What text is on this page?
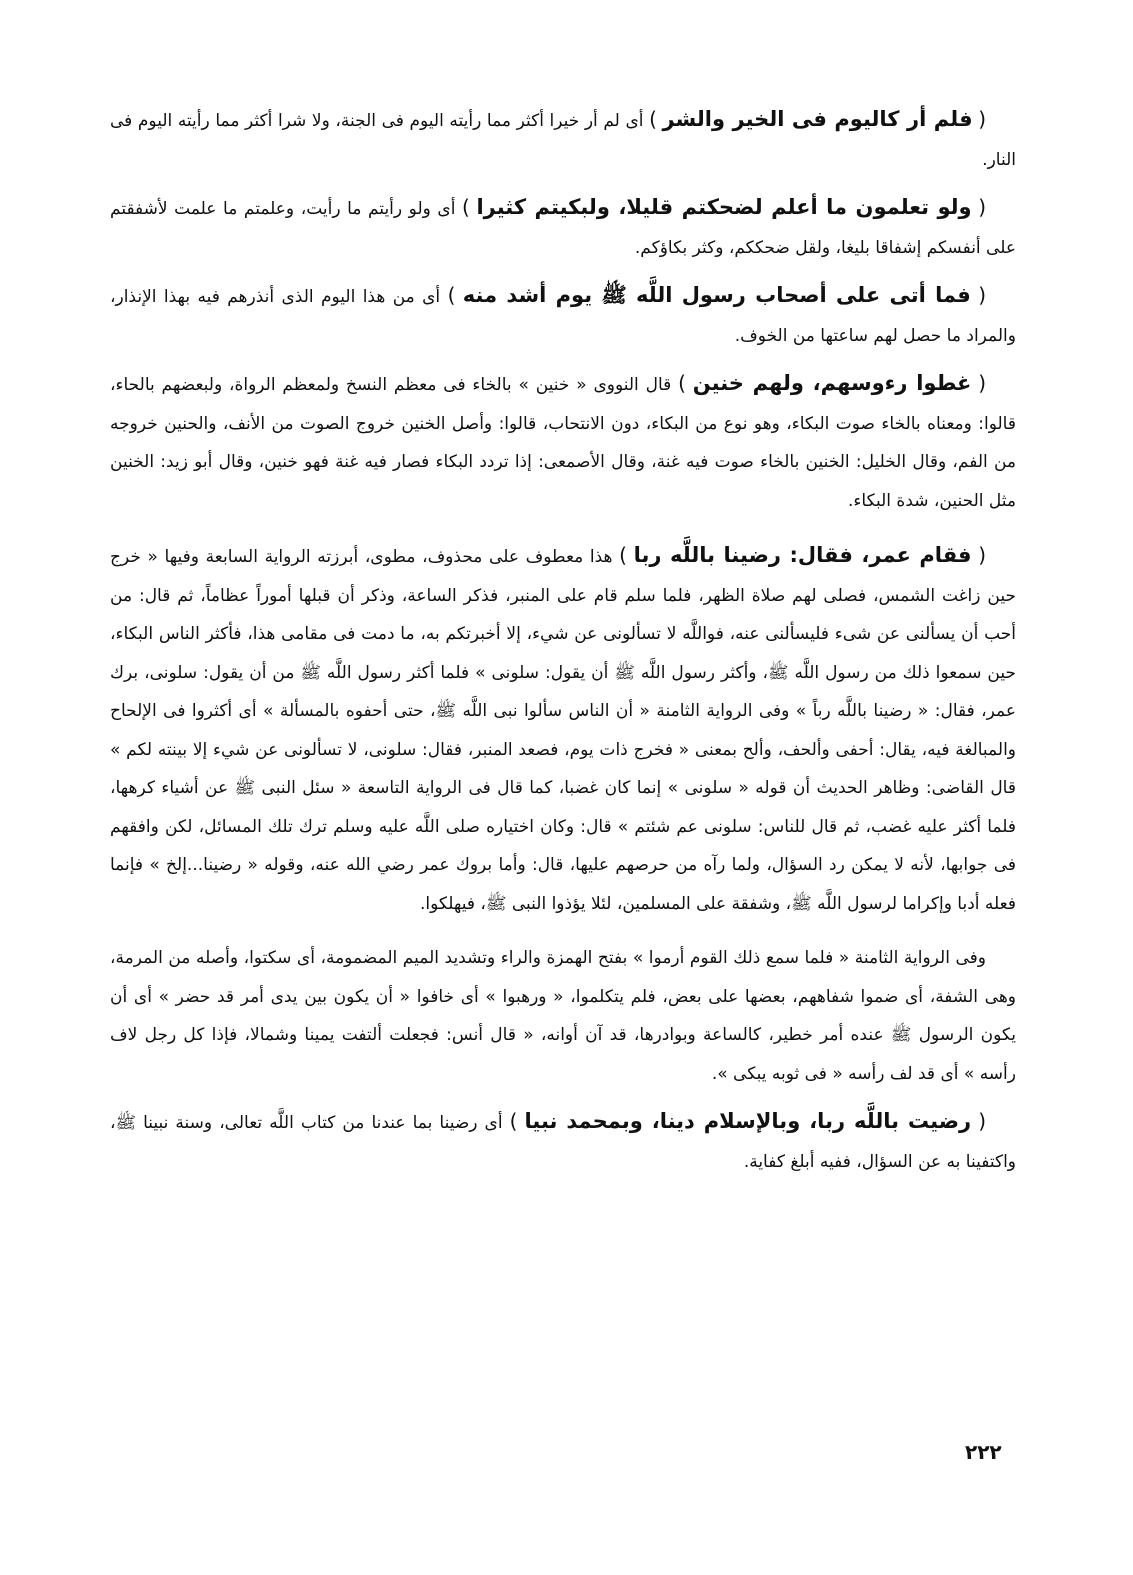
( فلم أر كاليوم فى الخير والشر ) أى لم أر خيرا أكثر مما رأيته اليوم فى الجنة، ولا شرا أكثر مما رأيته اليوم فى النار.

( ولو تعلمون ما أعلم لضحكتم قليلا، ولبكيتم كثيرا ) أى ولو رأيتم ما رأيت، وعلمتم ما علمت لأشفقتم على أنفسكم إشفاقا بليغا، ولقل ضحككم، وكثر بكاؤكم.

( فما أتى على أصحاب رسول اللَّه ﷺ يوم أشد منه ) أى من هذا اليوم الذى أنذرهم فيه بهذا الإنذار، والمراد ما حصل لهم ساعتها من الخوف.

( غطوا رءوسهم، ولهم خنين ) قال النووى « خنين » بالخاء فى معظم النسخ ولمعظم الرواة، ولبعضهم بالحاء، قالوا: ومعناه بالخاء صوت البكاء، وهو نوع من البكاء، دون الانتحاب، قالوا: وأصل الخنين خروج الصوت من الأنف، والحنين خروجه من الفم، وقال الخليل: الخنين بالخاء صوت فيه غنة، وقال الأصمعى: إذا تردد البكاء فصار فيه غنة فهو خنين، وقال أبو زيد: الخنين مثل الحنين، شدة البكاء.

( فقام عمر، فقال: رضينا باللَّه ربا ) هذا معطوف على محذوف، مطوى، أبرزته الرواية السابعة وفيها « خرج حين زاغت الشمس، فصلى لهم صلاة الظهر، فلما سلم قام على المنبر، فذكر الساعة، وذكر أن قبلها أموراً عظاماً، ثم قال: من أحب أن يسألنى عن شىء فليسألنى عنه، فواللَّه لا تسألونى عن شيء، إلا أخبرتكم به، ما دمت فى مقامى هذا، فأكثر الناس البكاء، حين سمعوا ذلك من رسول اللَّه ﷺ، وأكثر رسول اللَّه ﷺ أن يقول: سلونى » فلما أكثر رسول اللَّه ﷺ من أن يقول: سلونى، برك عمر، فقال: « رضينا باللَّه رباً » وفى الرواية الثامنة « أن الناس سألوا نبى اللَّه ﷺ، حتى أحفوه بالمسألة » أى أكثروا فى الإلحاح والمبالغة فيه، يقال: أحفى وألحف، وألح بمعنى « فخرج ذات يوم، فصعد المنبر، فقال: سلونى، لا تسألونى عن شيء إلا بينته لكم » قال القاضى: وظاهر الحديث أن قوله « سلونى » إنما كان غضبا، كما قال فى الرواية التاسعة « سئل النبى ﷺ عن أشياء كرهها، فلما أكثر عليه غضب، ثم قال للناس: سلونى عم شئتم » قال: وكان اختياره صلى اللَّه عليه وسلم ترك تلك المسائل، لكن وافقهم فى جوابها، لأنه لا يمكن رد السؤال، ولما رآه من حرصهم عليها، قال: وأما بروك عمر رضي الله عنه، وقوله « رضينا...إلخ » فإنما فعله أدبا وإكراما لرسول اللَّه ﷺ، وشفقة على المسلمين، لئلا يؤذوا النبى ﷺ، فيهلكوا.

وفى الرواية الثامنة « فلما سمع ذلك القوم أرموا » بفتح الهمزة والراء وتشديد الميم المضمومة، أى سكتوا، وأصله من المرمة، وهى الشفة، أى ضموا شفاههم، بعضها على بعض، فلم يتكلموا، « ورهبوا » أى خافوا « أن يكون بين يدى أمر قد حضر » أى أن يكون الرسول ﷺ عنده أمر خطير، كالساعة وبوادرها، قد آن أوانه، « قال أنس: فجعلت ألتفت يمينا وشمالا، فإذا كل رجل لاف رأسه » أى قد لف رأسه « فى ثوبه يبكى ».

( رضيت باللَّه ربا، وبالإسلام دينا، وبمحمد نبيا ) أى رضينا بما عندنا من كتاب اللَّه تعالى، وسنة نبينا ﷺ، واكتفينا به عن السؤال، ففيه أبلغ كفاية.

٢٢٢
